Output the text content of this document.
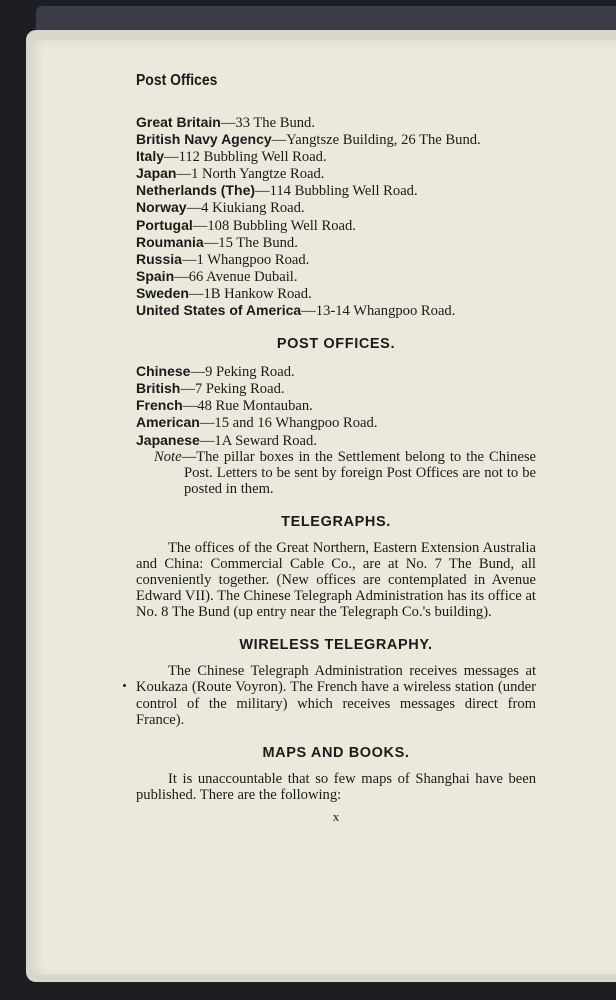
Post Offices
Great Britain—33 The Bund.
British Navy Agency—Yangtsze Building, 26 The Bund.
Italy—112 Bubbling Well Road.
Japan—1 North Yangtze Road.
Netherlands (The)—114 Bubbling Well Road.
Norway—4 Kiukiang Road.
Portugal—108 Bubbling Well Road.
Roumania—15 The Bund.
Russia—1 Whangpoo Road.
Spain—66 Avenue Dubail.
Sweden—1B Hankow Road.
United States of America—13-14 Whangpoo Road.
POST OFFICES.
Chinese—9 Peking Road.
British—7 Peking Road.
French—48 Rue Montauban.
American—15 and 16 Whangpoo Road.
Japanese—1A Seward Road.
Note—The pillar boxes in the Settlement belong to the Chinese Post. Letters to be sent by foreign Post Offices are not to be posted in them.
TELEGRAPHS.

The offices of the Great Northern, Eastern Extension Australia and China: Commercial Cable Co., are at No. 7 The Bund, all conveniently together. (New offices are contemplated in Avenue Edward VII). The Chinese Telegraph Administration has its office at No. 8 The Bund (up entry near the Telegraph Co.'s building).

WIRELESS TELEGRAPHY.

The Chinese Telegraph Administration receives messages at Koukaza (Route Voyron). The French have a wireless station (under control of the military) which receives messages direct from France).

MAPS AND BOOKS.

It is unaccountable that so few maps of Shanghai have been published. There are the following:

x
